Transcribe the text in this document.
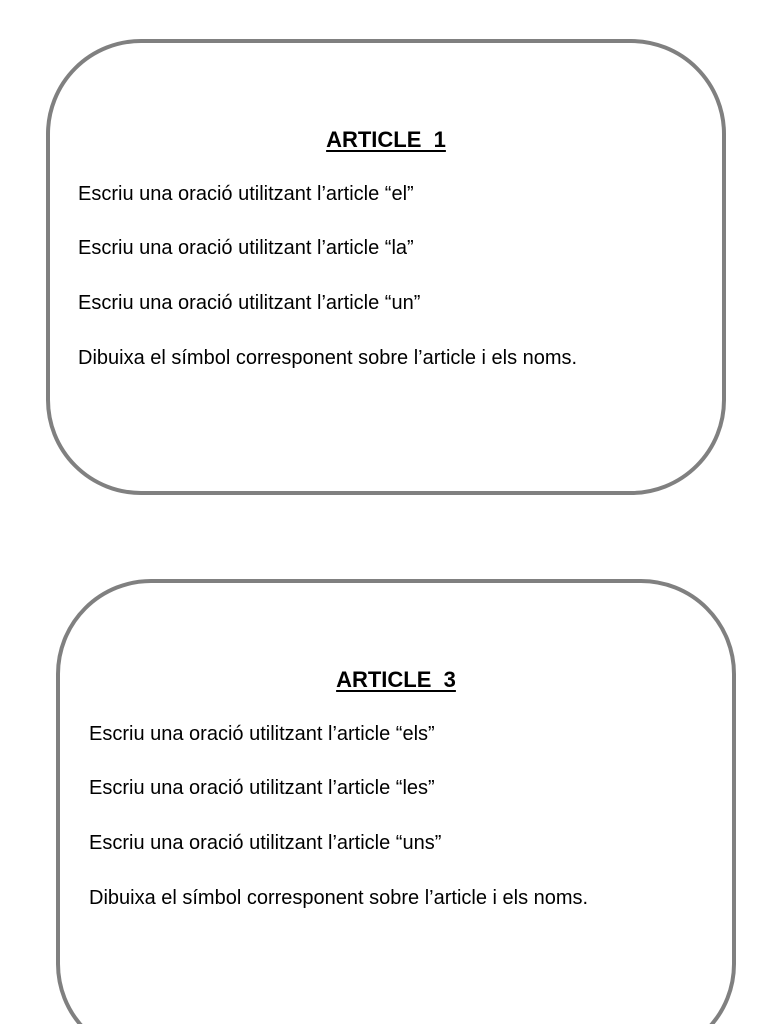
ARTICLE  1
Escriu una oració utilitzant l’article “el”
Escriu una oració utilitzant l’article “la”
Escriu una oració utilitzant l’article “un”
Dibuixa el símbol corresponent sobre l’article i els noms.
ARTICLE  3
Escriu una oració utilitzant l’article “els”
Escriu una oració utilitzant l’article “les”
Escriu una oració utilitzant l’article “uns”
Dibuixa el símbol corresponent sobre l’article i els noms.
